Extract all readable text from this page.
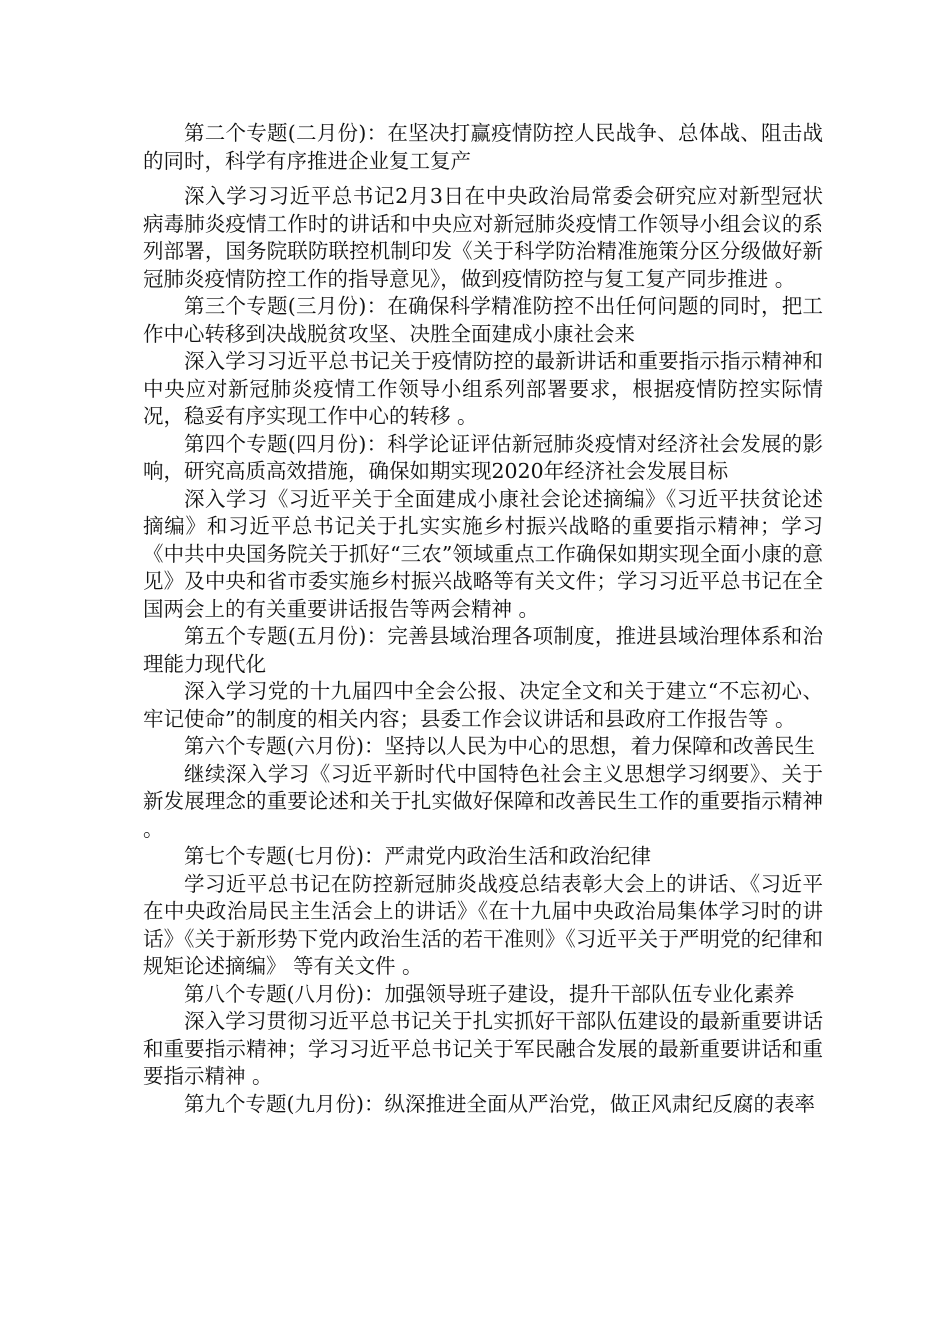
第二个专题(二月份)：在坚决打赢疫情防控人民战争、总体战、阻击战的同时，科学有序推进企业复工复产

深入学习习近平总书记2月3日在中央政治局常委会研究应对新型冠状病毒肺炎疫情工作时的讲话和中央应对新冠肺炎疫情工作领导小组会议的系列部署，国务院联防联控机制印发《关于科学防治精准施策分区分级做好新冠肺炎疫情防控工作的指导意见》，做到疫情防控与复工复产同步推进 。

第三个专题(三月份)：在确保科学精准防控不出任何问题的同时，把工作中心转移到决战脱贫攻坚、决胜全面建成小康社会来

深入学习习近平总书记关于疫情防控的最新讲话和重要指示指示精神和中央应对新冠肺炎疫情工作领导小组系列部署要求，根据疫情防控实际情况，稳妥有序实现工作中心的转移 。

第四个专题(四月份)：科学论证评估新冠肺炎疫情对经济社会发展的影响，研究高质高效措施，确保如期实现2020年经济社会发展目标

深入学习《习近平关于全面建成小康社会论述摘编》《习近平扶贫论述摘编》和习近平总书记关于扎实实施乡村振兴战略的重要指示精神；学习《中共中央国务院关于抓好“三农”领域重点工作确保如期实现全面小康的意见》及中央和省市委实施乡村振兴战略等有关文件；学习习近平总书记在全国两会上的有关重要讲话报告等两会精神 。

第五个专题(五月份)：完善县域治理各项制度，推进县域治理体系和治理能力现代化

深入学习党的十九届四中全会公报、决定全文和关于建立“不忘初心、牢记使命”的制度的相关内容；县委工作会议讲话和县政府工作报告等 。

第六个专题(六月份)：坚持以人民为中心的思想，着力保障和改善民生

继续深入学习《习近平新时代中国特色社会主义思想学习纲要》、关于新发展理念的重要论述和关于扎实做好保障和改善民生工作的重要指示精神 。

第七个专题(七月份)：严肃党内政治生活和政治纪律

学习近平总书记在防控新冠肺炎战疫总结表彰大会上的讲话、《习近平在中央政治局民主生活会上的讲话》《在十九届中央政治局集体学习时的讲话》《关于新形势下党内政治生活的若干准则》《习近平关于严明党的纪律和规矩论述摘编》 等有关文件 。

第八个专题(八月份)：加强领导班子建设，提升干部队伍专业化素养

深入学习贯彻习近平总书记关于扎实抓好干部队伍建设的最新重要讲话和重要指示精神；学习习近平总书记关于军民融合发展的最新重要讲话和重要指示精神 。

第九个专题(九月份)：纵深推进全面从严治党，做正风肃纪反腐的表率
